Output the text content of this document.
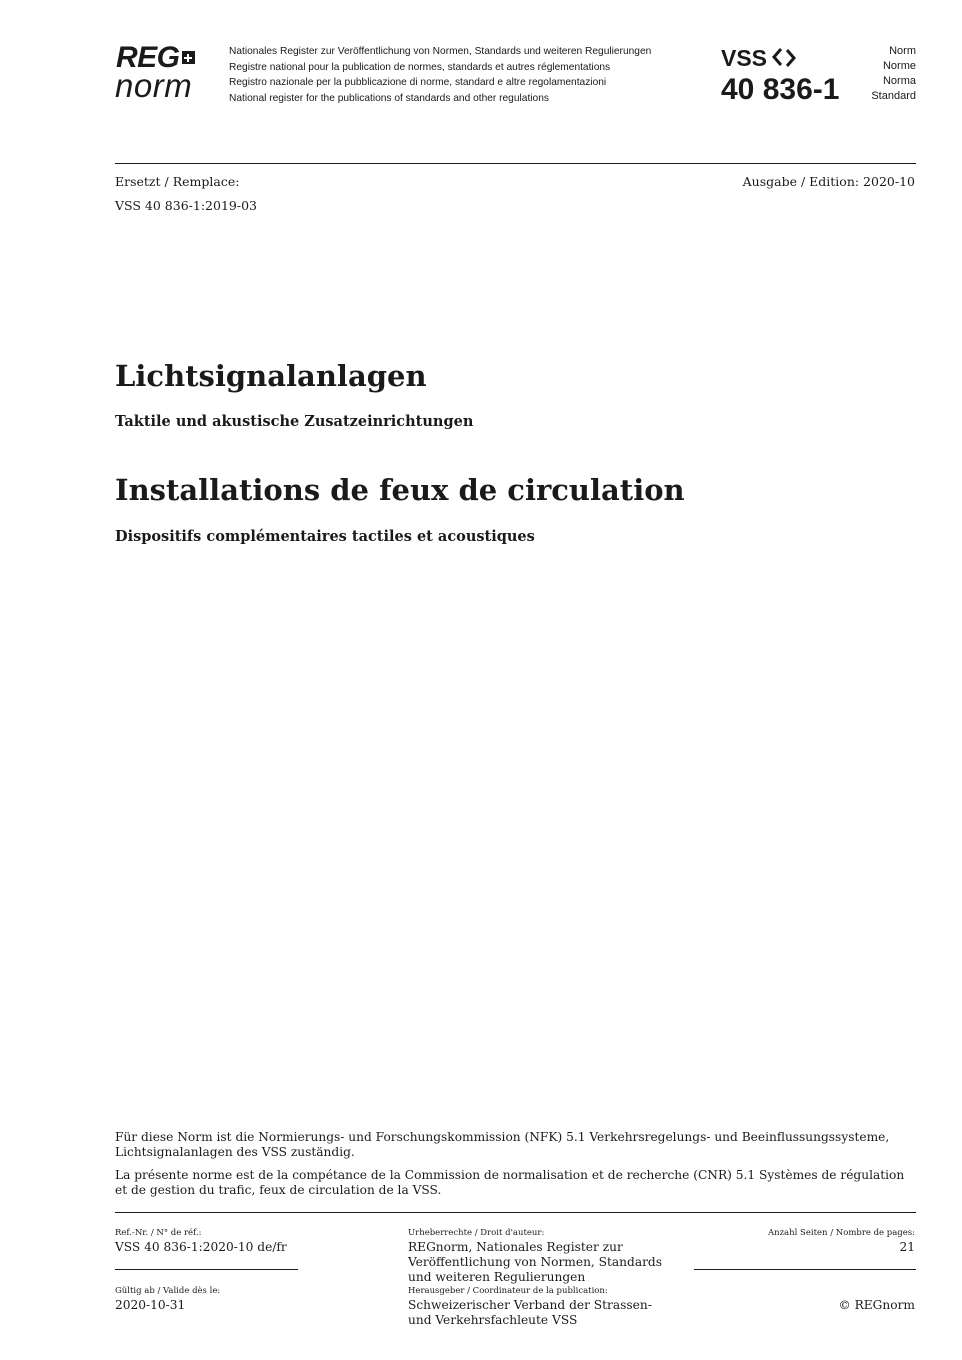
REG
norm
Nationales Register zur Veröffentlichung von Normen, Standards und weiteren Regulierungen
Registre national pour la publication de normes, standards et autres réglementations
Registro nazionale per la pubblicazione di norme, standard e altre regolamentazioni
National register for the publications of standards and other regulations
VSS
40 836-1
Norm
Norme
Norma
Standard
Ersetzt / Remplace:
VSS 40 836-1:2019-03
Ausgabe / Edition: 2020-10
Lichtsignalanlagen
Taktile und akustische Zusatzeinrichtungen
Installations de feux de circulation
Dispositifs complémentaires tactiles et acoustiques
Für diese Norm ist die Normierungs- und Forschungskommission (NFK) 5.1 Verkehrsregelungs- und Beeinflussungssysteme, Lichtsignalanlagen des VSS zuständig.
La présente norme est de la compétance de la Commission de normalisation et de recherche (CNR) 5.1 Systèmes de régulation et de gestion du trafic, feux de circulation de la VSS.
Ref.-Nr. / N° de réf.:
VSS 40 836-1:2020-10 de/fr
Gültig ab / Valide dès le:
2020-10-31
Urheberrechte / Droit d'auteur:
REGnorm, Nationales Register zur Veröffentlichung von Normen, Standards und weiteren Regulierungen
Herausgeber / Coordinateur de la publication:
Schweizerischer Verband der Strassen- und Verkehrsfachleute VSS
Anzahl Seiten / Nombre de pages:
21
© REGnorm
